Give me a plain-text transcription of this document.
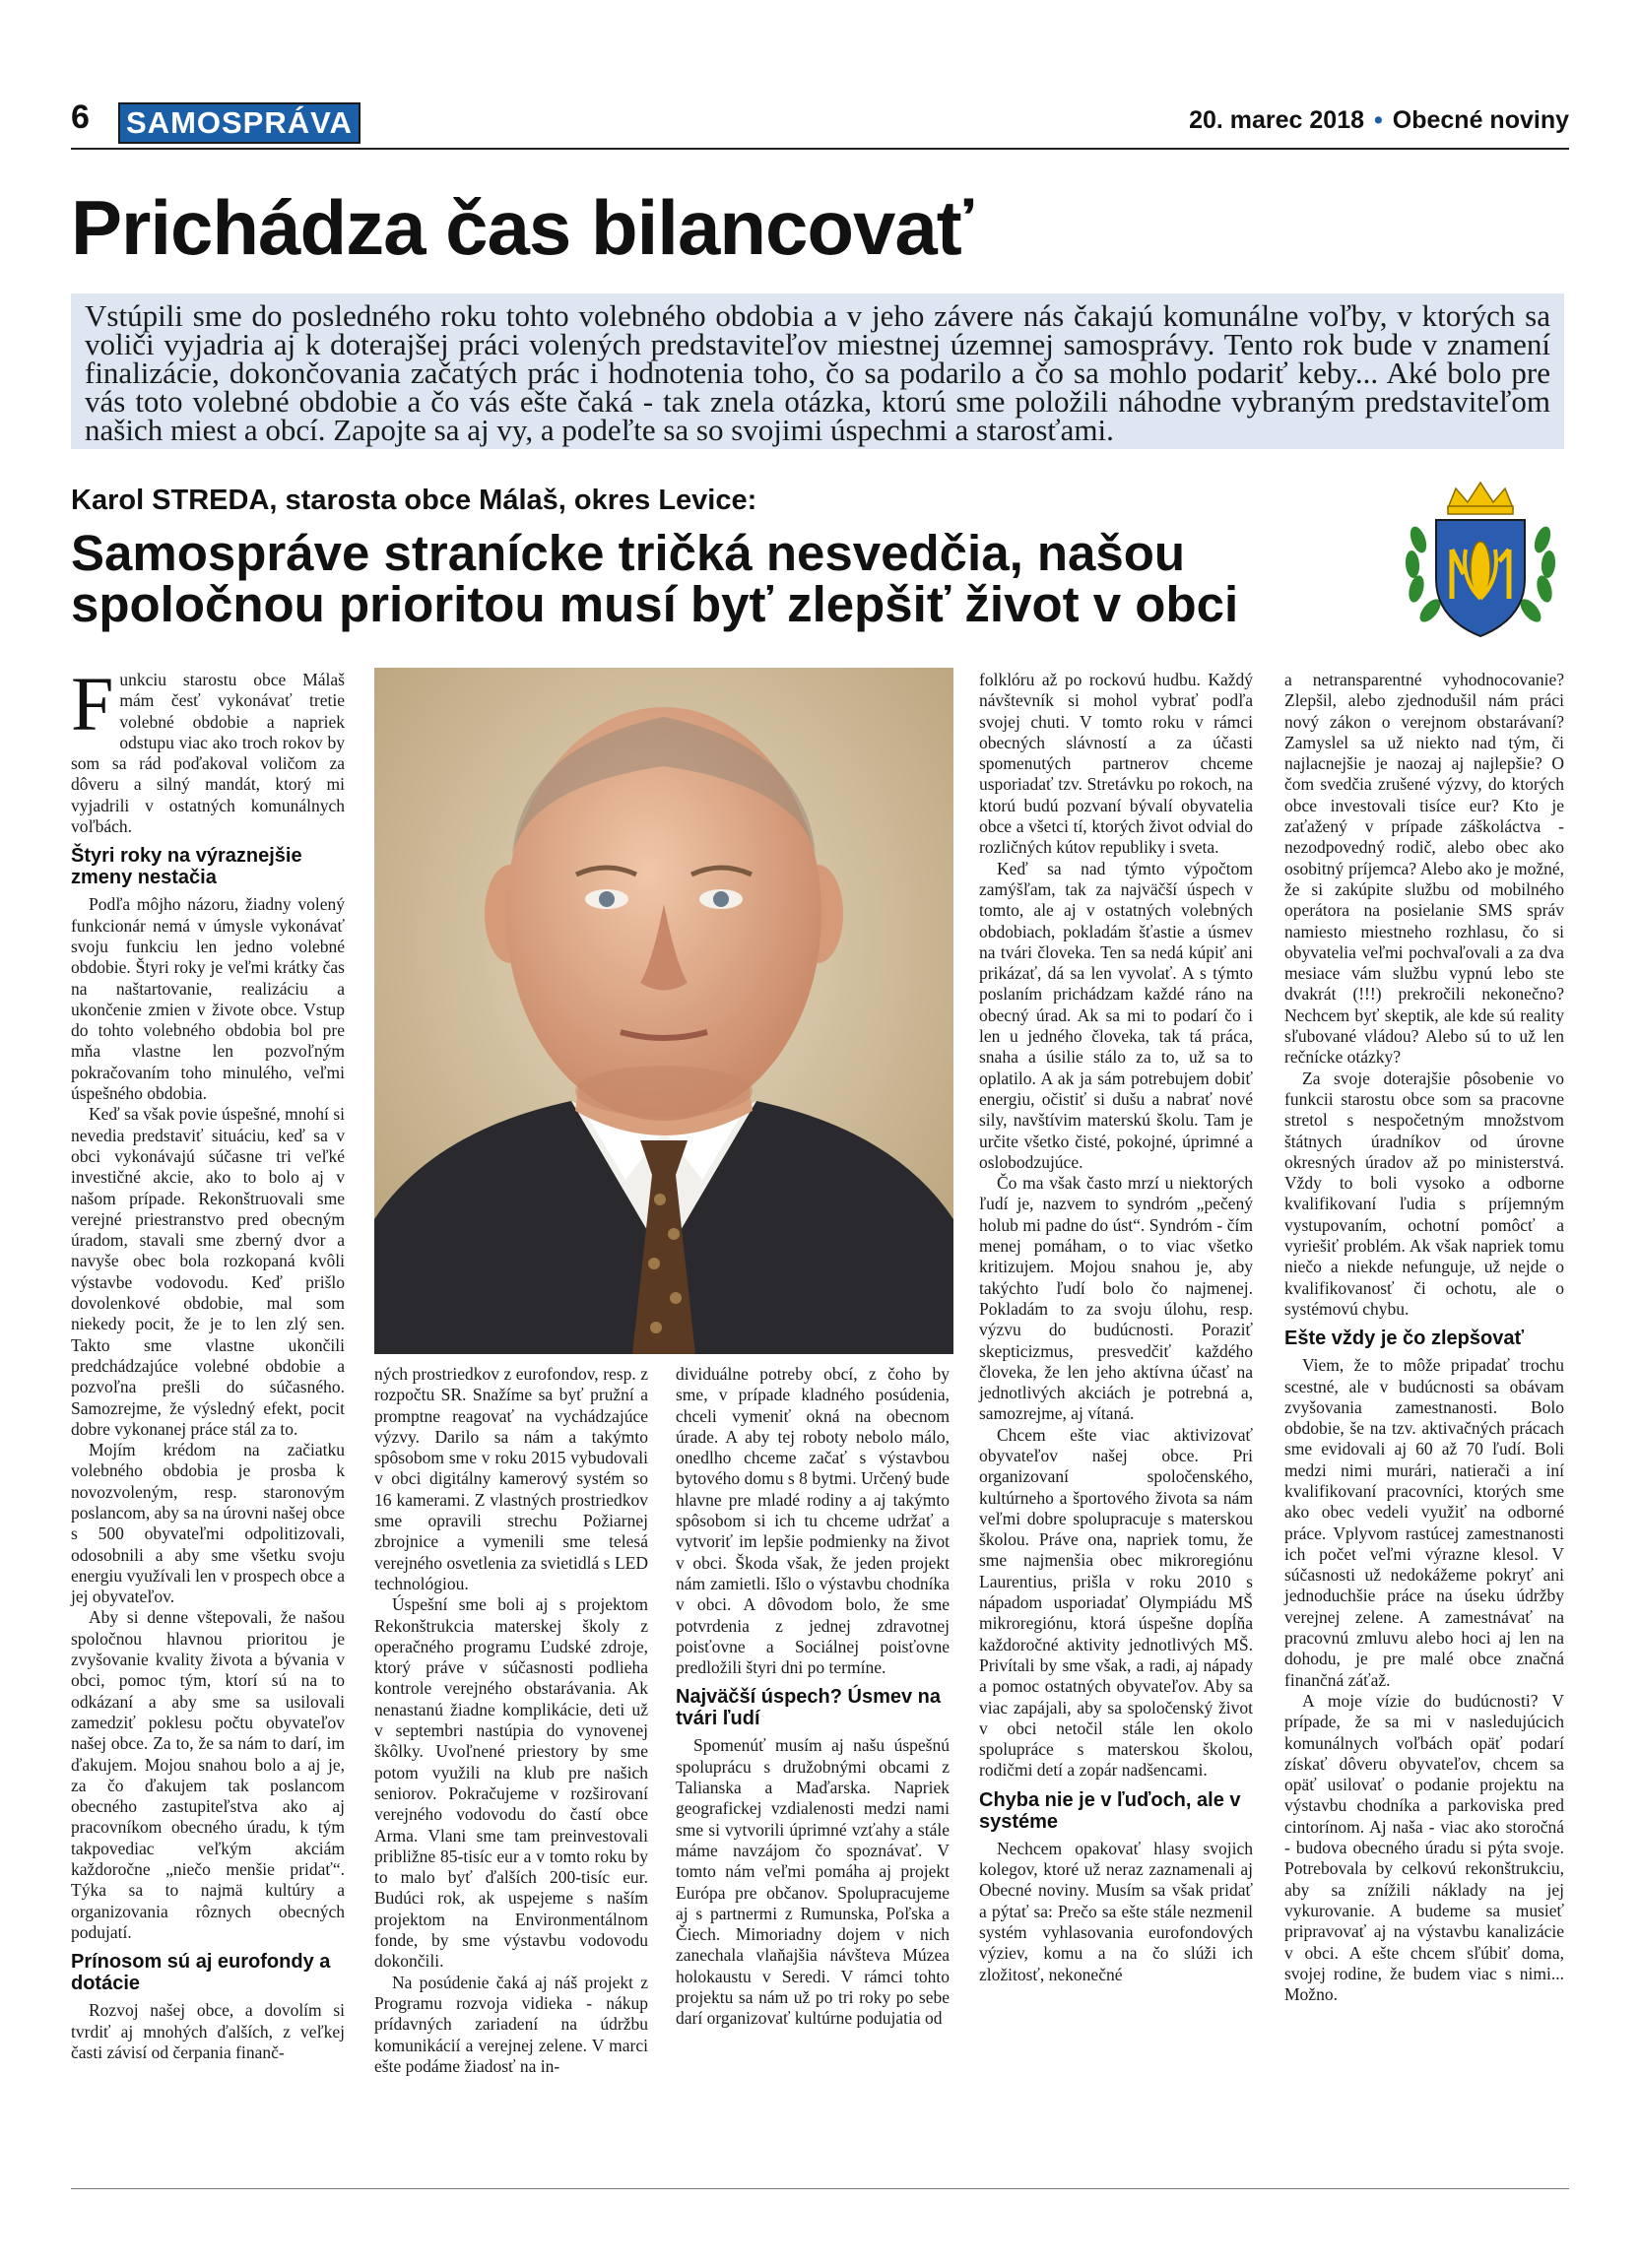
6 SAMOSPRÁVA	20. marec 2018 • Obecné noviny
Prichádza čas bilancovať
Vstúpili sme do posledného roku tohto volebného obdobia a v jeho závere nás čakajú komunálne voľby, v ktorých sa voliči vyjadria aj k doterajšej práci volených predstaviteľov miestnej územnej samosprávy. Tento rok bude v znamení finalizácie, dokončovania začatých prác i hodnotenia toho, čo sa podarilo a čo sa mohlo podariť keby... Aké bolo pre vás toto volebné obdobie a čo vás ešte čaká - tak znela otázka, ktorú sme položili náhodne vybraným predstaviteľom našich miest a obcí. Zapojte sa aj vy, a podeľte sa so svojimi úspechmi a starosťami.
Karol STREDA, starosta obce Málaš, okres Levice:
Samospráve stranícke tričká nesvedčia, našou spoločnou prioritou musí byť zlepšiť život v obci

Funkciu starostu obce Málaš mám česť vykonávať tretie volebné obdobie a napriek odstupu viac ako troch rokov by som sa rád poďakoval voličom za dôveru a silný mandát, ktorý mi vyjadrili v ostatných komunálnych voľbách.

Štyri roky na výraznejšie zmeny nestačia

Podľa môjho názoru, žiadny volený funkcionár nemá v úmysle vykonávať svoju funkciu len jedno volebné obdobie. Štyri roky je veľmi krátky čas na naštartovanie, realizáciu a ukončenie zmien v živote obce. Vstup do tohto volebného obdobia bol pre mňa vlastne len pozvoľným pokračovaním toho minulého, veľmi úspešného obdobia.

Keď sa však povie úspešné, mnohí si nevedia predstaviť situáciu, keď sa v obci vykonávajú súčasne tri veľké investičné akcie, ako to bolo aj v našom prípade. Rekonštruovali sme verejné priestranstvo pred obecným úradom, stavali sme zberný dvor a navyše obec bola rozkopaná kvôli výstavbe vodovodu. Keď prišlo dovolenkové obdobie, mal som niekedy pocit, že je to len zlý sen. Takto sme vlastne ukončili predchádzajúce volebné obdobie a pozvoľna prešli do súčasného. Samozrejme, že výsledný efekt, pocit dobre vykonanej práce stál za to.

Mojím krédom na začiatku volebného obdobia je prosba k novozvoleným, resp. staronovým poslancom, aby sa na úrovni našej obce s 500 obyvateľmi odpolitizovali, odosobnili a aby sme všetku svoju energiu využívali len v prospech obce a jej obyvateľov.

Aby si denne vštepovali, že našou spoločnou hlavnou prioritou je zvyšovanie kvality života a bývania v obci, pomoc tým, ktorí sú na to odkázaní a aby sme sa usilovali zamedziť poklesu počtu obyvateľov našej obce. Za to, že sa nám to darí, im ďakujem. Mojou snahou bolo a aj je, za čo ďakujem tak poslancom obecného zastupiteľstva ako aj pracovníkom obecného úradu, k tým takpovediac veľkým akciám každoročne „niečo menšie pridať“. Týka sa to najmä kultúry a organizovania rôznych obecných podujatí.

Prínosom sú aj eurofondy a dotácie

Rozvoj našej obce, a dovolím si tvrdiť aj mnohých ďalších, z veľkej časti závisí od čerpania finanč-

ných prostriedkov z eurofondov, resp. z rozpočtu SR. Snažíme sa byť pružní a promptne reagovať na vychádzajúce výzvy. Darilo sa nám a takýmto spôsobom sme v roku 2015 vybudovali v obci digitálny kamerový systém so 16 kamerami. Z vlastných prostriedkov sme opravili strechu Požiarnej zbrojnice a vymenili sme telesá verejného osvetlenia za svietidlá s LED technológiou.

Úspešní sme boli aj s projektom Rekonštrukcia materskej školy z operačného programu Ľudské zdroje, ktorý práve v súčasnosti podlieha kontrole verejného obstarávania. Ak nenastanú žiadne komplikácie, deti už v septembri nastúpia do vynovenej škôlky. Uvoľnené priestory by sme potom využili na klub pre našich seniorov. Pokračujeme v rozširovaní verejného vodovodu do častí obce Arma. Vlani sme tam preinvestovali približne 85-tisíc eur a v tomto roku by to malo byť ďalších 200-tisíc eur. Budúci rok, ak uspejeme s naším projektom na Environmentálnom fonde, by sme výstavbu vodovodu dokončili.

Na posúdenie čaká aj náš projekt z Programu rozvoja vidieka - nákup prídavných zariadení na údržbu komunikácií a verejnej zelene. V marci ešte podáme žiadosť na in-

dividuálne potreby obcí, z čoho by sme, v prípade kladného posúdenia, chceli vymeniť okná na obecnom úrade. A aby tej roboty nebolo málo, onedlho chceme začať s výstavbou bytového domu s 8 bytmi. Určený bude hlavne pre mladé rodiny a aj takýmto spôsobom si ich tu chceme udržať a vytvoriť im lepšie podmienky na život v obci. Škoda však, že jeden projekt nám zamietli. Išlo o výstavbu chodníka v obci. A dôvodom bolo, že sme potvrdenia z jednej zdravotnej poisťovne a Sociálnej poisťovne predložili štyri dni po termíne.

Najväčší úspech? Úsmev na tvári ľudí

Spomenúť musím aj našu úspešnú spoluprácu s družobnými obcami z Talianska a Maďarska. Napriek geografickej vzdialenosti medzi nami sme si vytvorili úprimné vzťahy a stále máme navzájom čo spoznávať. V tomto nám veľmi pomáha aj projekt Európa pre občanov. Spolupracujeme aj s partnermi z Rumunska, Poľska a Čiech. Mimoriadny dojem v nich zanechala vlaňajšia návšteva Múzea holokaustu v Seredi. V rámci tohto projektu sa nám už po tri roky po sebe darí organizovať kultúrne podujatia od

folklóru až po rockovú hudbu. Každý návštevník si mohol vybrať podľa svojej chuti. V tomto roku v rámci obecných slávností a za účasti spomenutých partnerov chceme usporiadať tzv. Stretávku po rokoch, na ktorú budú pozvaní bývalí obyvatelia obce a všetci tí, ktorých život odvial do rozličných kútov republiky i sveta.

Keď sa nad týmto výpočtom zamýšľam, tak za najväčší úspech v tomto, ale aj v ostatných volebných obdobiach, pokladám šťastie a úsmev na tvári človeka. Ten sa nedá kúpiť ani prikázať, dá sa len vyvolať. A s týmto poslaním prichádzam každé ráno na obecný úrad. Ak sa mi to podarí čo i len u jedného človeka, tak tá práca, snaha a úsilie stálo za to, už sa to oplatilo. A ak ja sám potrebujem dobiť energiu, očistiť si dušu a nabrať nové sily, navštívim materskú školu. Tam je určite všetko čisté, pokojné, úprimné a oslobodzujúce.

Čo ma však často mrzí u niektorých ľudí je, nazvem to syndróm „pečený holub mi padne do úst“. Syndróm - čím menej pomáham, o to viac všetko kritizujem. Mojou snahou je, aby takýchto ľudí bolo čo najmenej. Pokladám to za svoju úlohu, resp. výzvu do budúcnosti. Poraziť skepticizmus, presvedčiť každého človeka, že len jeho aktívna účasť na jednotlivých akciách je potrebná a, samozrejme, aj vítaná.

Chcem ešte viac aktivizovať obyvateľov našej obce. Pri organizovaní spoločenského, kultúrneho a športového života sa nám veľmi dobre spolupracuje s materskou školou. Práve ona, napriek tomu, že sme najmenšia obec mikroregiónu Laurentius, prišla v roku 2010 s nápadom usporiadať Olympiádu MŠ mikroregiónu, ktorá úspešne dopĺňa každoročné aktivity jednotlivých MŠ. Privítali by sme však, a radi, aj nápady a pomoc ostatných obyvateľov. Aby sa viac zapájali, aby sa spoločenský život v obci netočil stále len okolo spolupráce s materskou školou, rodičmi detí a zopár nadšencami.

Chyba nie je v ľuďoch, ale v systéme

Nechcem opakovať hlasy svojich kolegov, ktoré už neraz zaznamenali aj Obecné noviny. Musím sa však pridať a pýtať sa: Prečo sa ešte stále nezmenil systém vyhlasovania eurofondových výziev, komu a na čo slúži ich zložitosť, nekonečné

a netransparentné vyhodnocovanie? Zlepšil, alebo zjednodušil nám práci nový zákon o verejnom obstarávaní? Zamyslel sa už niekto nad tým, či najlacnejšie je naozaj aj najlepšie? O čom svedčia zrušené výzvy, do ktorých obce investovali tisíce eur? Kto je zaťažený v prípade záškoláctva - nezodpovedný rodič, alebo obec ako osobitný príjemca? Alebo ako je možné, že si zakúpite službu od mobilného operátora na posielanie SMS správ namiesto miestneho rozhlasu, čo si obyvatelia veľmi pochvaľovali a za dva mesiace vám službu vypnú lebo ste dvakrát (!!!) prekročili nekonečno? Nechcem byť skeptik, ale kde sú reality sľubované vládou? Alebo sú to už len rečnícke otázky?

Za svoje doterajšie pôsobenie vo funkcii starostu obce som sa pracovne stretol s nespočetným množstvom štátnych úradníkov od úrovne okresných úradov až po ministerstvá. Vždy to boli vysoko a odborne kvalifikovaní ľudia s príjemným vystupovaním, ochotní pomôcť a vyriešiť problém. Ak však napriek tomu niečo a niekde nefunguje, už nejde o kvalifikovanosť či ochotu, ale o systémovú chybu.

Ešte vždy je čo zlepšovať

Viem, že to môže pripadať trochu scestné, ale v budúcnosti sa obávam zvyšovania zamestnanosti. Bolo obdobie, še na tzv. aktivačných prácach sme evidovali aj 60 až 70 ľudí. Boli medzi nimi murári, natierači a iní kvalifikovaní pracovníci, ktorých sme ako obec vedeli využiť na odborné práce. Vplyvom rastúcej zamestnanosti ich počet veľmi výrazne klesol. V súčasnosti už nedokážeme pokryť ani jednoduchšie práce na úseku údržby verejnej zelene. A zamestnávať na pracovnú zmluvu alebo hoci aj len na dohodu, je pre malé obce značná finančná záťaž.

A moje vízie do budúcnosti? V prípade, že sa mi v nasledujúcich komunálnych voľbách opäť podarí získať dôveru obyvateľov, chcem sa opäť usilovať o podanie projektu na výstavbu chodníka a parkoviska pred cintorínom. Aj naša - viac ako storočná - budova obecného úradu si pýta svoje. Potrebovala by celkovú rekonštrukciu, aby sa znížili náklady na jej vykurovanie. A budeme sa musieť pripravovať aj na výstavbu kanalizácie v obci. A ešte chcem sľúbiť doma, svojej rodine, že budem viac s nimi... Možno.
